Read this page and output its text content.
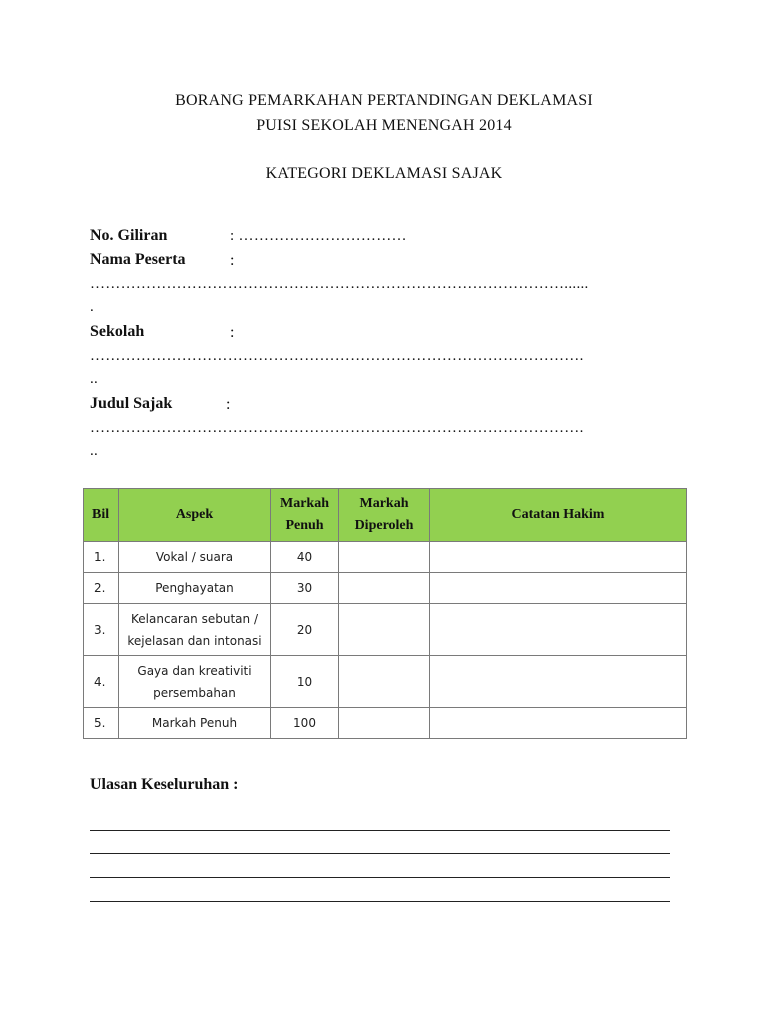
BORANG PEMARKAHAN PERTANDINGAN DEKLAMASI
PUISI SEKOLAH MENENGAH 2014
KATEGORI DEKLAMASI SAJAK
No. Giliran	: ……………………………
Nama Peserta	:
…………………………………………………………………………………......
.
Sekolah	:
…………………………………………………………………………………….
..
Judul Sajak	:
…………………………………………………………………………………….
..
Bil	Aspek	Markah Penuh	Markah Diperoleh	Catatan Hakim
1.	Vokal / suara	40		
2.	Penghayatan	30		
3.	Kelancaran sebutan / kejelasan dan intonasi	20		
4.	Gaya dan kreativiti persembahan	10		
5.	Markah Penuh	100		
Ulasan Keseluruhan :
